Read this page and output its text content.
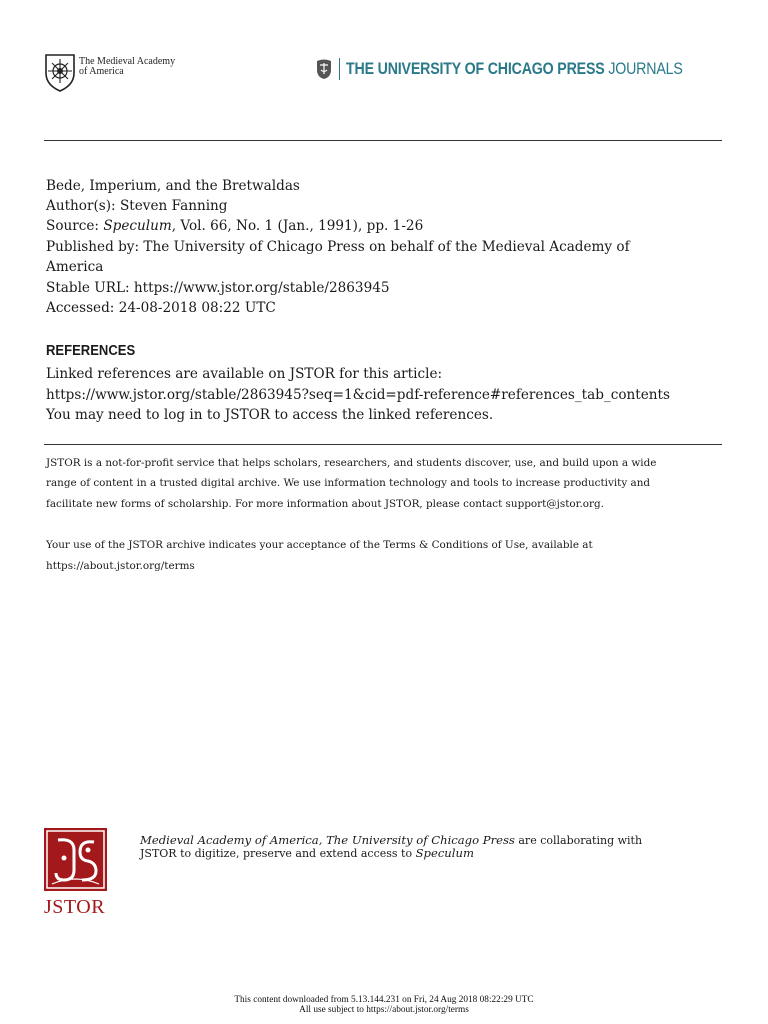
The Medieval Academy
of America	THE UNIVERSITY OF CHICAGO PRESS JOURNALS
Bede, Imperium, and the Bretwaldas
Author(s): Steven Fanning
Source: Speculum, Vol. 66, No. 1 (Jan., 1991), pp. 1-26
Published by: The University of Chicago Press on behalf of the Medieval Academy of
America
Stable URL: https://www.jstor.org/stable/2863945
Accessed: 24-08-2018 08:22 UTC
REFERENCES
Linked references are available on JSTOR for this article:
https://www.jstor.org/stable/2863945?seq=1&cid=pdf-reference#references_tab_contents
You may need to log in to JSTOR to access the linked references.
JSTOR is a not-for-profit service that helps scholars, researchers, and students discover, use, and build upon a wide
range of content in a trusted digital archive. We use information technology and tools to increase productivity and
facilitate new forms of scholarship. For more information about JSTOR, please contact support@jstor.org.
Your use of the JSTOR archive indicates your acceptance of the Terms & Conditions of Use, available at
https://about.jstor.org/terms
JSTOR
Medieval Academy of America, The University of Chicago Press are collaborating with
JSTOR to digitize, preserve and extend access to Speculum
This content downloaded from 5.13.144.231 on Fri, 24 Aug 2018 08:22:29 UTC
All use subject to https://about.jstor.org/terms
